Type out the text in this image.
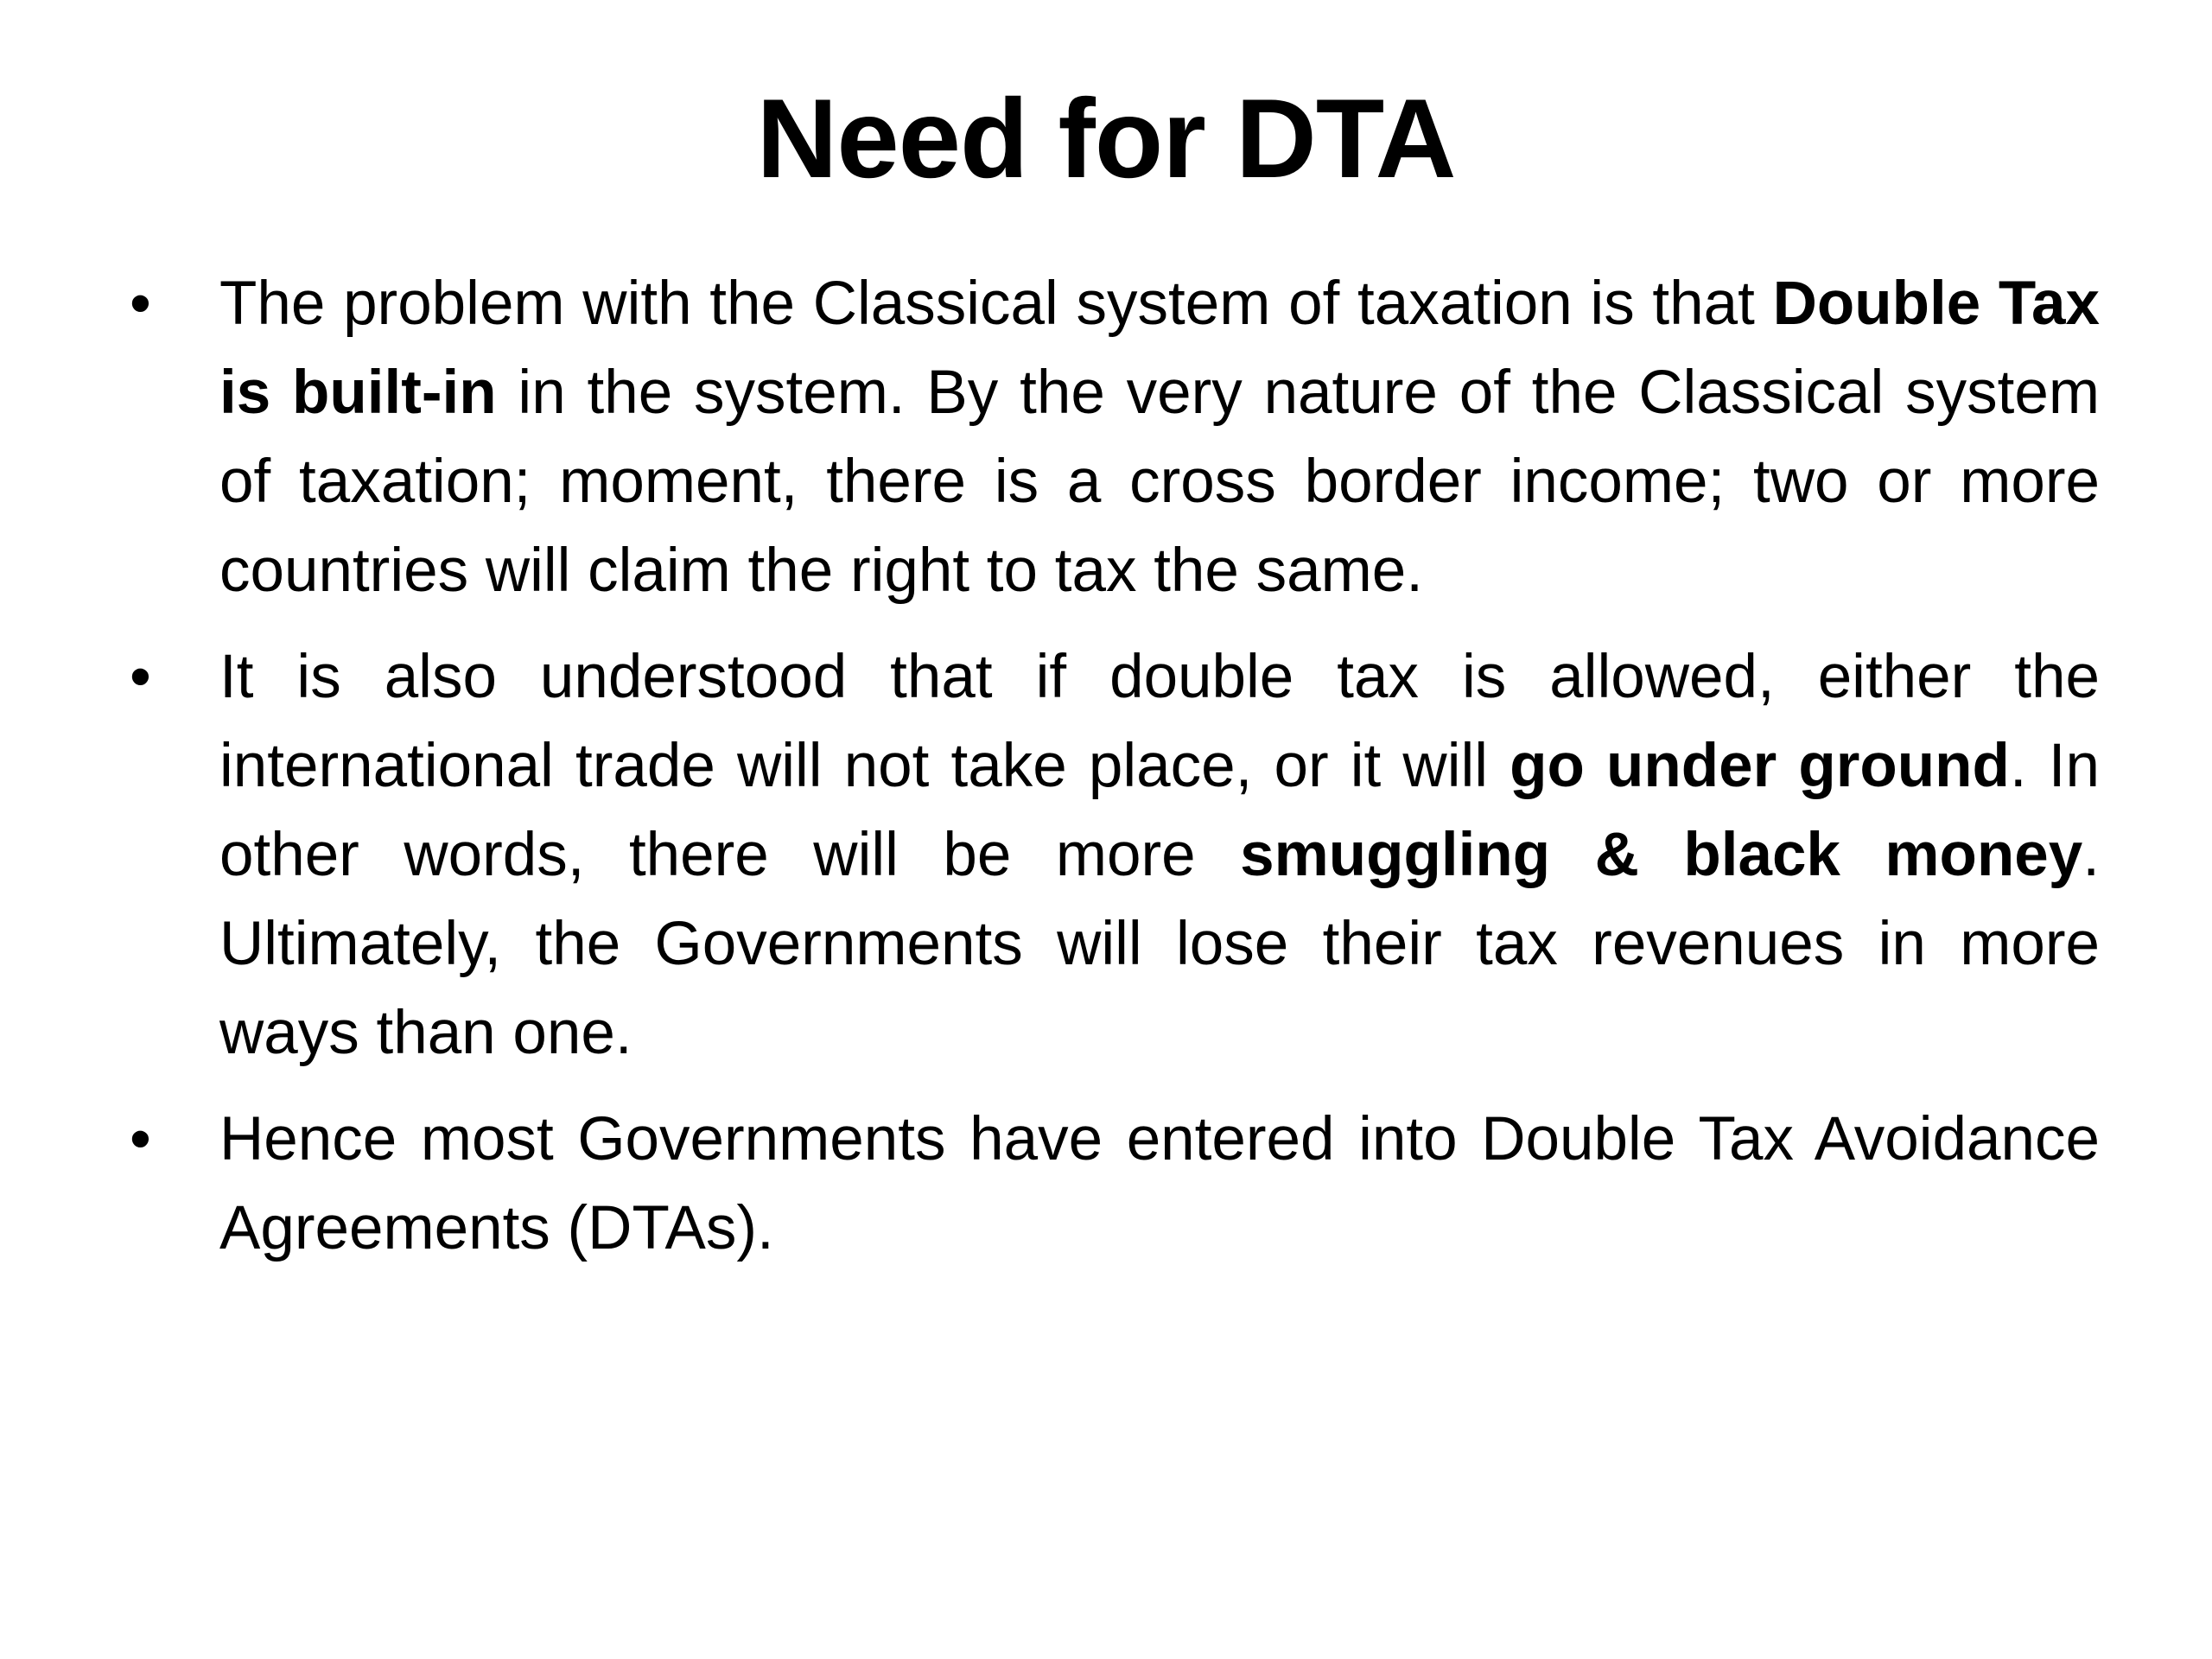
Need for DTA
• The problem with the Classical system of taxation is that Double Tax is built-in in the system. By the very nature of the Classical system of taxation; moment, there is a cross border income; two or more countries will claim the right to tax the same.
• It is also understood that if double tax is allowed, either the international trade will not take place, or it will go under ground. In other words, there will be more smuggling & black money. Ultimately, the Governments will lose their tax revenues in more ways than one.
• Hence most Governments have entered into Double Tax Avoidance Agreements (DTAs).
